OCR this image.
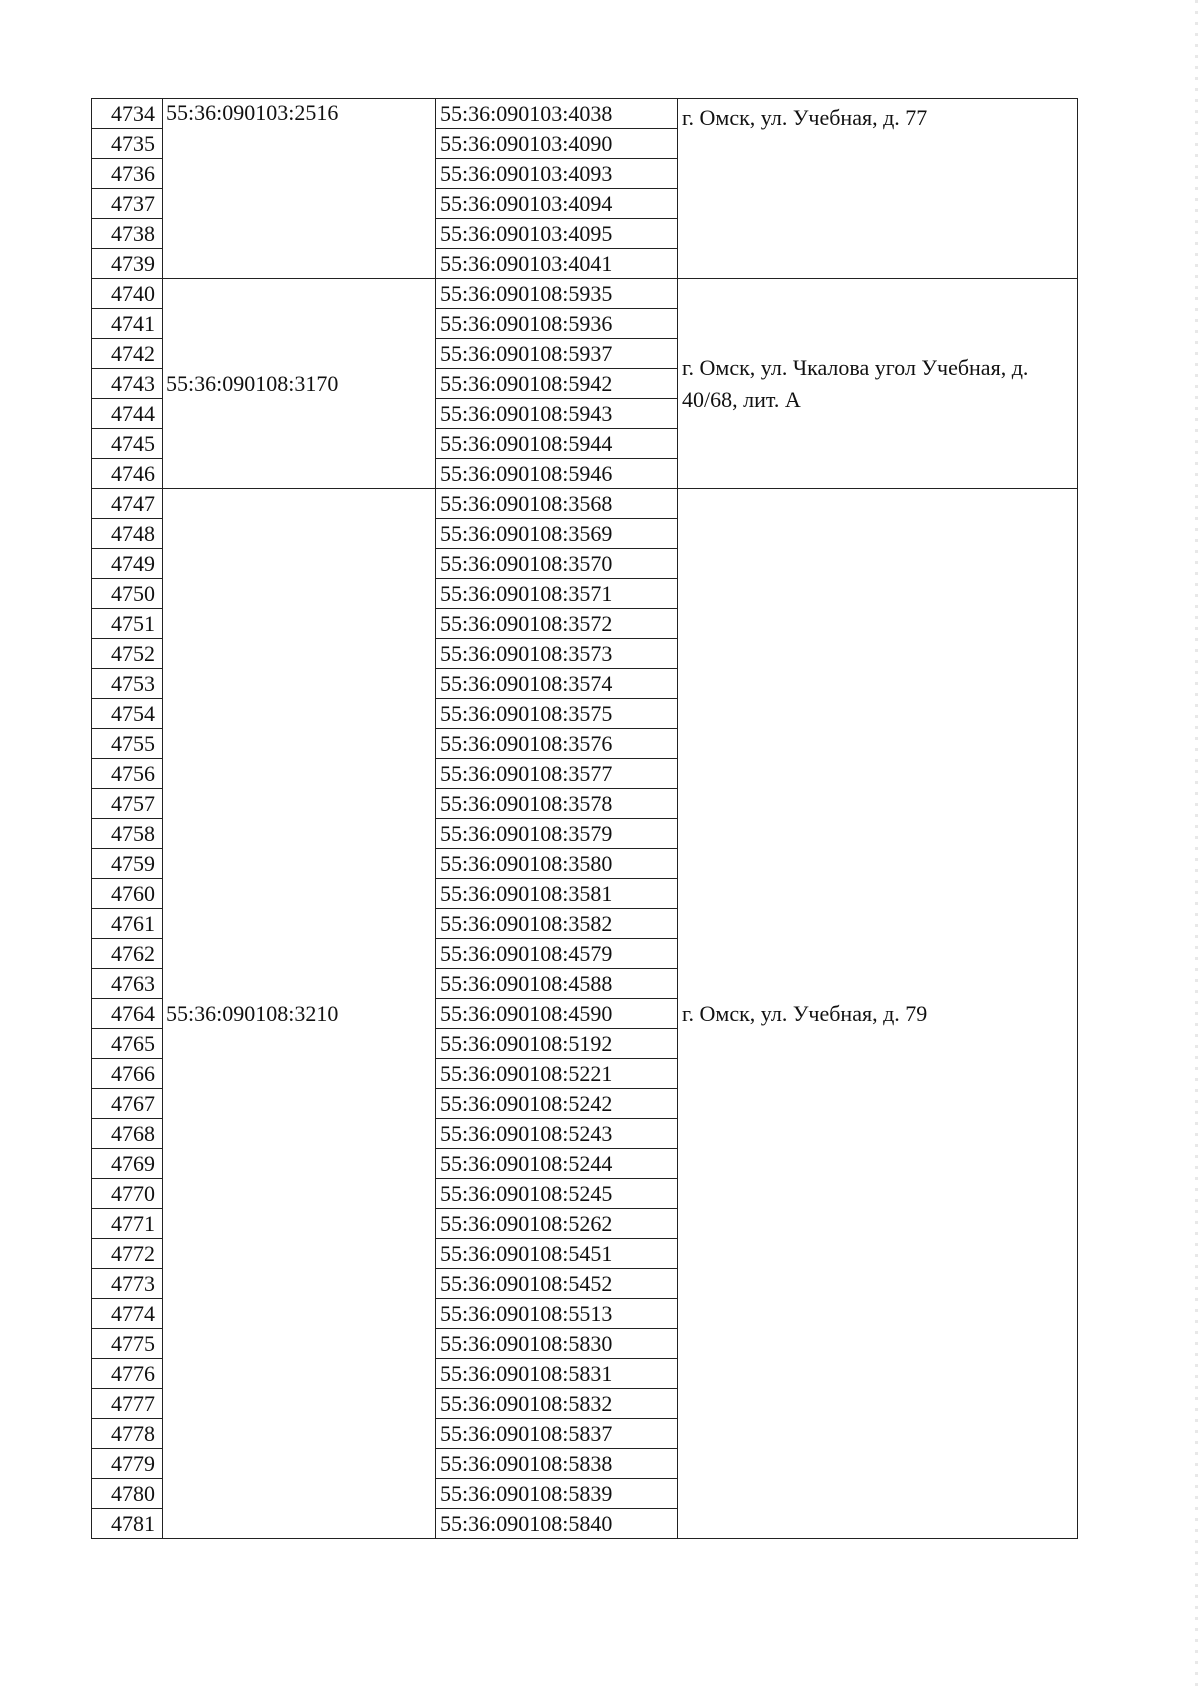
4734	55:36:090103:2516	55:36:090103:4038	г. Омск, ул. Учебная, д. 77
4735		55:36:090103:4090	
4736		55:36:090103:4093	
4737		55:36:090103:4094	
4738		55:36:090103:4095	
4739		55:36:090103:4041	
4740	55:36:090108:3170	55:36:090108:5935	г. Омск, ул. Чкалова угол Учебная, д. 40/68, лит. А
4741		55:36:090108:5936	
4742		55:36:090108:5937	
4743		55:36:090108:5942	
4744		55:36:090108:5943	
4745		55:36:090108:5944	
4746		55:36:090108:5946	
4747	55:36:090108:3210	55:36:090108:3568	г. Омск, ул. Учебная, д. 79
4748		55:36:090108:3569	
4749		55:36:090108:3570	
4750		55:36:090108:3571	
4751		55:36:090108:3572	
4752		55:36:090108:3573	
4753		55:36:090108:3574	
4754		55:36:090108:3575	
4755		55:36:090108:3576	
4756		55:36:090108:3577	
4757		55:36:090108:3578	
4758		55:36:090108:3579	
4759		55:36:090108:3580	
4760		55:36:090108:3581	
4761		55:36:090108:3582	
4762		55:36:090108:4579	
4763		55:36:090108:4588	
4764		55:36:090108:4590	
4765		55:36:090108:5192	
4766		55:36:090108:5221	
4767		55:36:090108:5242	
4768		55:36:090108:5243	
4769		55:36:090108:5244	
4770		55:36:090108:5245	
4771		55:36:090108:5262	
4772		55:36:090108:5451	
4773		55:36:090108:5452	
4774		55:36:090108:5513	
4775		55:36:090108:5830	
4776		55:36:090108:5831	
4777		55:36:090108:5832	
4778		55:36:090108:5837	
4779		55:36:090108:5838	
4780		55:36:090108:5839	
4781		55:36:090108:5840	
